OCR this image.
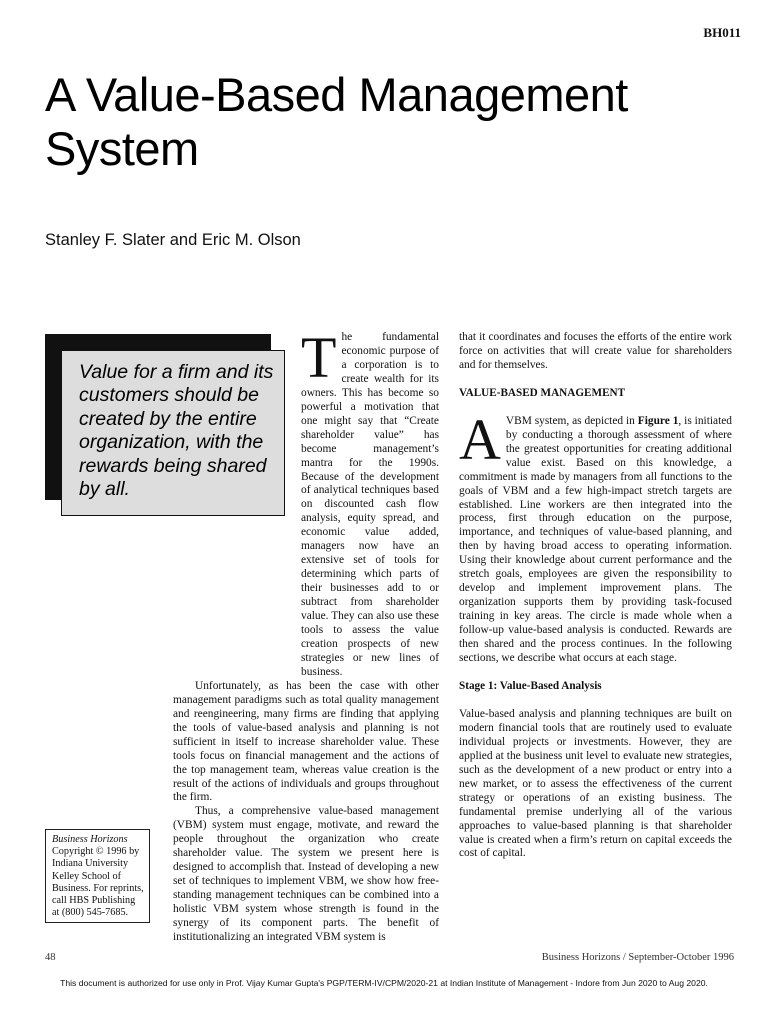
BH011
A Value-Based Management System
Stanley F. Slater and Eric M. Olson

Value for a firm and its customers should be created by the entire organization, with the rewards being shared by all.

The fundamental economic purpose of a corporation is to create wealth for its owners. This has become so powerful a motivation that one might say that “Create shareholder value” has become management’s mantra for the 1990s. Because of the development of analytical techniques based on discounted cash flow analysis, equity spread, and economic value added, managers now have an extensive set of tools for determining which parts of their businesses add to or subtract from shareholder value. They can also use these tools to assess the value creation prospects of new strategies or new lines of business.

Unfortunately, as has been the case with other management paradigms such as total quality management and reengineering, many firms are finding that applying the tools of value-based analysis and planning is not sufficient in itself to increase shareholder value. These tools focus on financial management and the actions of the top management team, whereas value creation is the result of the actions of individuals and groups throughout the firm.

Thus, a comprehensive value-based management (VBM) system must engage, motivate, and reward the people throughout the organization who create shareholder value. The system we present here is designed to accomplish that. Instead of developing a new set of techniques to implement VBM, we show how free-standing management techniques can be combined into a holistic VBM system whose strength is found in the synergy of its component parts. The benefit of institutionalizing an integrated VBM system is

that it coordinates and focuses the efforts of the entire work force on activities that will create value for shareholders and for themselves.

VALUE-BASED MANAGEMENT

A VBM system, as depicted in Figure 1, is initiated by conducting a thorough assessment of where the greatest opportunities for creating additional value exist. Based on this knowledge, a commitment is made by managers from all functions to the goals of VBM and a few high-impact stretch targets are established. Line workers are then integrated into the process, first through education on the purpose, importance, and techniques of value-based planning, and then by having broad access to operating information. Using their knowledge about current performance and the stretch goals, employees are given the responsibility to develop and implement improvement plans. The organization supports them by providing task-focused training in key areas. The circle is made whole when a follow-up value-based analysis is conducted. Rewards are then shared and the process continues. In the following sections, we describe what occurs at each stage.

Stage 1: Value-Based Analysis

Value-based analysis and planning techniques are built on modern financial tools that are routinely used to evaluate individual projects or investments. However, they are applied at the business unit level to evaluate new strategies, such as the development of a new product or entry into a new market, or to assess the effectiveness of the current strategy or operations of an existing business. The fundamental premise underlying all of the various approaches to value-based planning is that shareholder value is created when a firm’s return on capital exceeds the cost of capital.

Business Horizons
Copyright © 1996 by Indiana University Kelley School of Business. For reprints, call HBS Publishing at (800) 545-7685.
48	Business Horizons / September-October 1996
This document is authorized for use only in Prof. Vijay Kumar Gupta's PGP/TERM-IV/CPM/2020-21 at Indian Institute of Management - Indore from Jun 2020 to Aug 2020.
